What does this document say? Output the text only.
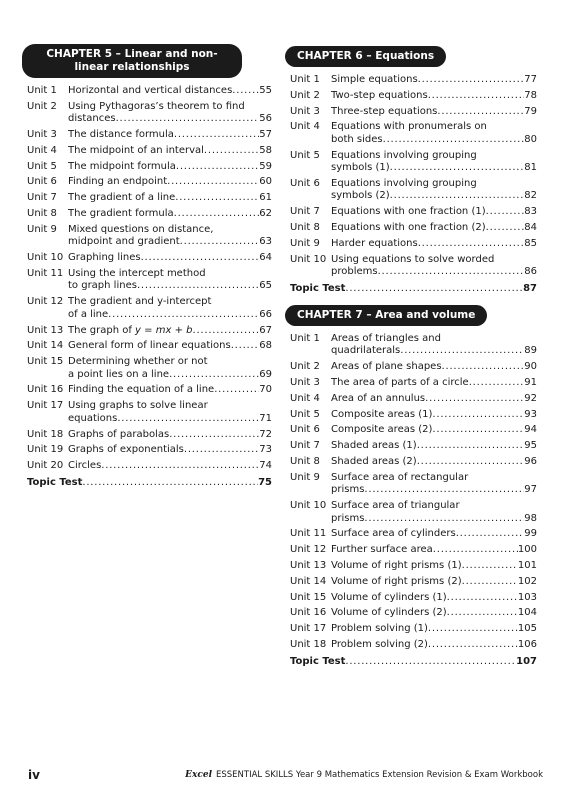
CHAPTER 5 – Linear and non-linear relationships
Unit 1	Horizontal and vertical distances . . .	55
Unit 2	Using Pythagoras’s theorem to find
distances . . .	56
Unit 3	The distance formula . . .	57
Unit 4	The midpoint of an interval . . .	58
Unit 5	The midpoint formula . . .	59
Unit 6	Finding an endpoint . . .	60
Unit 7	The gradient of a line . . .	61
Unit 8	The gradient formula . . .	62
Unit 9	Mixed questions on distance,
midpoint and gradient . . .	63
Unit 10 Graphing lines . . .	64
Unit 11 Using the intercept method
to graph lines . . .	65
Unit 12 The gradient and y-intercept
of a line . . .	66
Unit 13 The graph of y = mx + b . . .	67
Unit 14 General form of linear equations . . .	68
Unit 15 Determining whether or not
a point lies on a line . . .	69
Unit 16 Finding the equation of a line . . .	70
Unit 17 Using graphs to solve linear
equations . . .	71
Unit 18 Graphs of parabolas . . .	72
Unit 19 Graphs of exponentials . . .	73
Unit 20 Circles . . .	74
Topic Test . . .	75
CHAPTER 6 – Equations
Unit 1	Simple equations . . .	77
Unit 2	Two-step equations . . .	78
Unit 3	Three-step equations . . .	79
Unit 4	Equations with pronumerals on
both sides . . .	80
Unit 5	Equations involving grouping
symbols (1) . . .	81
Unit 6	Equations involving grouping
symbols (2) . . .	82
Unit 7	Equations with one fraction (1) . . .	83
Unit 8	Equations with one fraction (2) . . .	84
Unit 9	Harder equations . . .	85
Unit 10 Using equations to solve worded
problems . . .	86
Topic Test . . .	87
CHAPTER 7 – Area and volume
Unit 1	Areas of triangles and
quadrilaterals . . .	89
Unit 2	Areas of plane shapes . . .	90
Unit 3	The area of parts of a circle . . .	91
Unit 4	Area of an annulus . . .	92
Unit 5	Composite areas (1) . . .	93
Unit 6	Composite areas (2) . . .	94
Unit 7	Shaded areas (1) . . .	95
Unit 8	Shaded areas (2) . . .	96
Unit 9	Surface area of rectangular
prisms . . .	97
Unit 10 Surface area of triangular
prisms . . .	98
Unit 11 Surface area of cylinders . . .	99
Unit 12 Further surface area . . .	100
Unit 13 Volume of right prisms (1) . . .	101
Unit 14 Volume of right prisms (2) . . .	102
Unit 15 Volume of cylinders (1) . . .	103
Unit 16 Volume of cylinders (2) . . .	104
Unit 17 Problem solving (1) . . .	105
Unit 18 Problem solving (2) . . .	106
Topic Test . . .	107
iv	Excel ESSENTIAL SKILLS Year 9 Mathematics Extension Revision & Exam Workbook
